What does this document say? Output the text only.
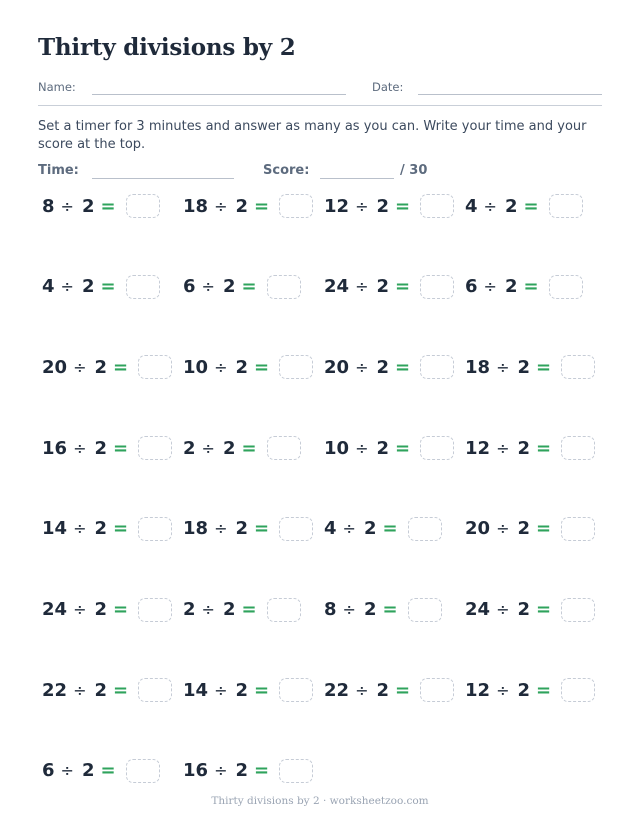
Thirty divisions by 2
Name:	Date:

Set a timer for 3 minutes and answer as many as you can. Write your time and your score at the top.

Time:	Score:	/ 30
8 ÷ 2 =	18 ÷ 2 =	12 ÷ 2 =	4 ÷ 2 =
4 ÷ 2 =	6 ÷ 2 =	24 ÷ 2 =	6 ÷ 2 =
20 ÷ 2 =	10 ÷ 2 =	20 ÷ 2 =	18 ÷ 2 =
16 ÷ 2 =	2 ÷ 2 =	10 ÷ 2 =	12 ÷ 2 =
14 ÷ 2 =	18 ÷ 2 =	4 ÷ 2 =	20 ÷ 2 =
24 ÷ 2 =	2 ÷ 2 =	8 ÷ 2 =	24 ÷ 2 =
22 ÷ 2 =	14 ÷ 2 =	22 ÷ 2 =	12 ÷ 2 =
6 ÷ 2 =	16 ÷ 2 =
Thirty divisions by 2 · worksheetzoo.com
